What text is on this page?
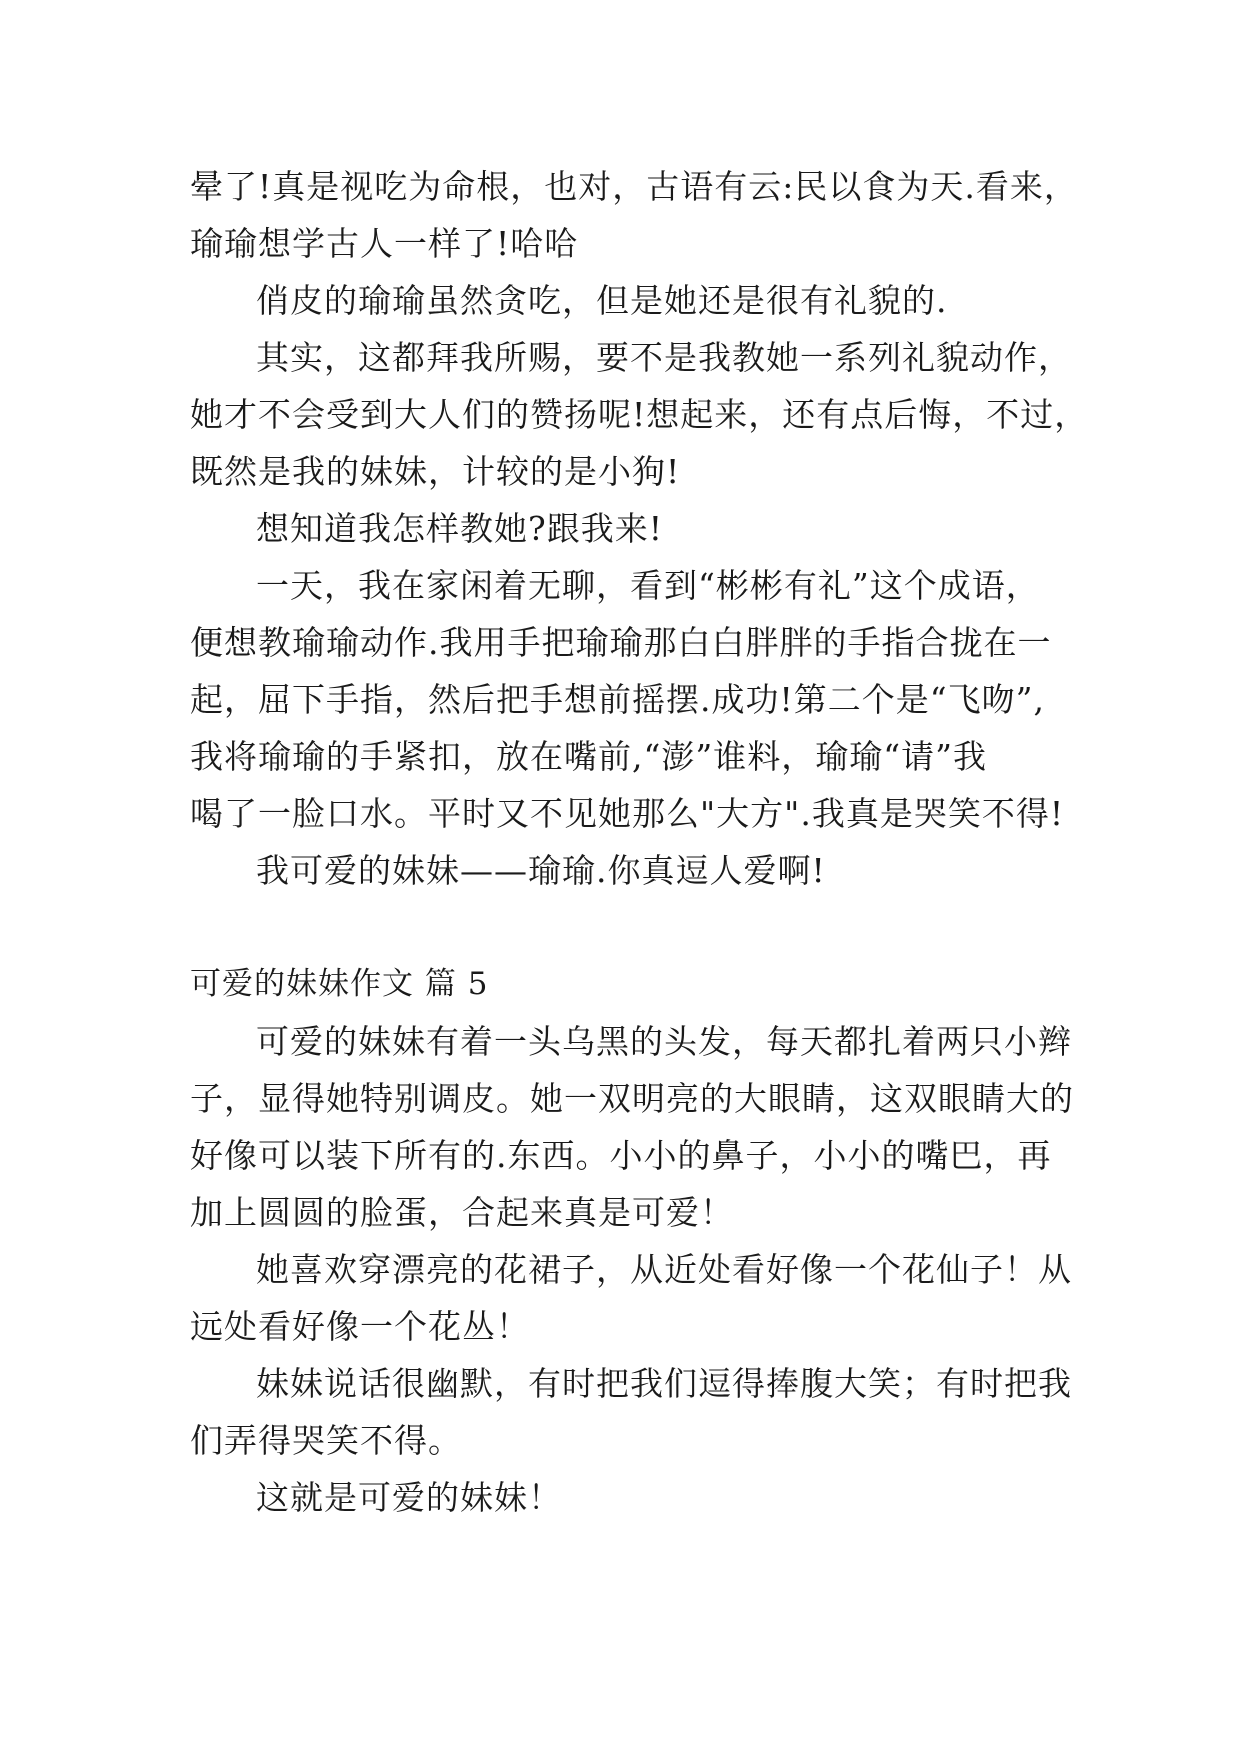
晕了!真是视吃为命根，也对，古语有云:民以食为天.看来，
瑜瑜想学古人一样了!哈哈
俏皮的瑜瑜虽然贪吃，但是她还是很有礼貌的.
其实，这都拜我所赐，要不是我教她一系列礼貌动作，
她才不会受到大人们的赞扬呢!想起来，还有点后悔，不过，
既然是我的妹妹，计较的是小狗!
想知道我怎样教她?跟我来!
一天，我在家闲着无聊，看到“彬彬有礼”这个成语，
便想教瑜瑜动作.我用手把瑜瑜那白白胖胖的手指合拢在一
起，屈下手指，然后把手想前摇摆.成功!第二个是“飞吻”,
我将瑜瑜的手紧扣，放在嘴前,“澎”谁料，瑜瑜“请”我
喝了一脸口水。平时又不见她那么"大方".我真是哭笑不得!
我可爱的妹妹——瑜瑜.你真逗人爱啊!
可爱的妹妹作文 篇 5
可爱的妹妹有着一头乌黑的头发，每天都扎着两只小辫
子，显得她特别调皮。她一双明亮的大眼睛，这双眼睛大的
好像可以装下所有的.东西。小小的鼻子，小小的嘴巴，再
加上圆圆的脸蛋，合起来真是可爱！
她喜欢穿漂亮的花裙子，从近处看好像一个花仙子！从
远处看好像一个花丛！
妹妹说话很幽默，有时把我们逗得捧腹大笑；有时把我
们弄得哭笑不得。
这就是可爱的妹妹！
